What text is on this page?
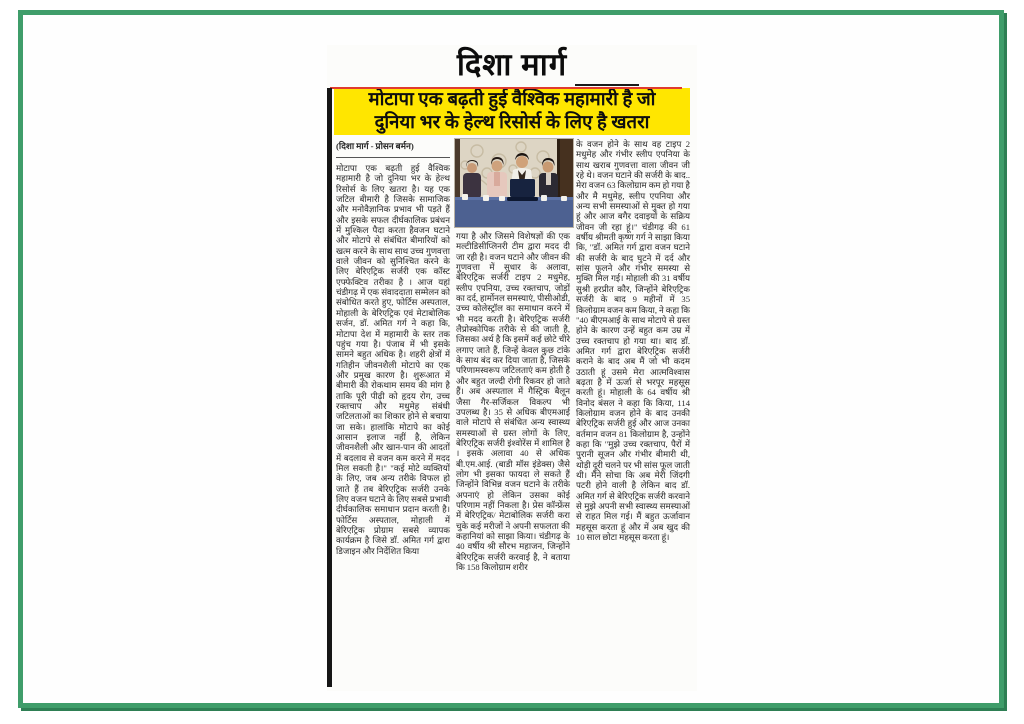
दिशा मार्ग
मोटापा एक बढ़ती हुई वैश्विक महामारी है जो
दुनिया भर के हेल्थ रिसोर्स के लिए है खतरा
(दिशा मार्ग - प्रोसन बर्मन)
मोटापा एक बढ़ती हुई वैश्विक महामारी है जो दुनिया भर के हेल्थ रिसोर्स के लिए खतरा है। यह एक जटिल बीमारी है जिसके सामाजिक और मनोवैज्ञानिक प्रभाव भी पड़ते हैं और इसके सफल दीर्घकालिक प्रबंधन में मुश्किल पैदा करता हैवजन घटाने और मोटापे से संबंधित बीमारियों को खत्म करने के साथ साथ उच्च गुणवत्ता वाले जीवन को सुनिश्चित करने के लिए बेरिएट्रिक सर्जरी एक कॉस्ट एफ्फेक्टिव तरीका है । आज यहां चंडीगढ़ में एक संवाददाता सम्मेलन को संबोधित करते हुए, फोर्टिस अस्पताल, मोहाली के बेरिएट्रिक एवं मेटाबोलिक सर्जन, डॉ. अमित गर्ग ने कहा कि, मोटापा देश में महामारी के स्तर तक पहुंच गया है। पंजाब में भी इसके सामने बहुत अधिक है। शहरी क्षेत्रों में गतिहीन जीवनशैली मोटापे का एक और प्रमुख कारण है। शुरूआत में बीमारी की रोकथाम समय की मांग है ताकि पूरी पीढ़ी को हृदय रोग, उच्च रक्तचाप और मधुमेह संबंधी जटिलताओं का शिकार होने से बचाया जा सके। हालांकि मोटापे का कोई आसान इलाज नहीं है, लेकिन जीवनशैली और खान-पान की आदतों में बदलाव से वजन कम करने में मदद मिल सकती है।" "कई मोटे व्यक्तियों के लिए, जब अन्य तरीके विफल हो जाते हैं तब बेरिएट्रिक सर्जरी उनके लिए वजन घटाने के लिए सबसे प्रभावी दीर्घकालिक समाधान प्रदान करती है। फोर्टिस अस्पताल, मोहाली में बेरिएट्रिक प्रोग्राम सबसे व्यापक कार्यक्रम है जिसे डॉ. अमित गर्ग द्वारा डिजाइन और निर्देशित किया
गया है और जिसमे विशेषज्ञों की एक मल्टीडिसीप्लिनरी टीम द्वारा मदद दी जा रही है। वजन घटाने और जीवन की गुणवत्ता में सुधार के अलावा, बेरिएट्रिक सर्जरी टाइप 2 मधुमेह, स्लीप एपनिया, उच्च रक्तचाप, जोड़ों का दर्द, हार्मोनल समस्याएं, पीसीओडी, उच्च कोलेस्ट्रॉल का समाधान करने में भी मदद करती है। बेरिएट्रिक सर्जरी लैप्रोस्कोपिक तरीके से की जाती है, जिसका अर्थ है कि इसमें कई छोटे चीरे लगाए जाते हैं, जिन्हें केवल कुछ टांके के साथ बंद कर दिया जाता है, जिसके परिणामस्वरूप जटिलताएं कम होती है और बहुत जल्दी रोगी रिकवर हो जाते हैं। अब अस्पताल में गैस्ट्रिक बैलून जैसा गैर-सर्जिकल विकल्प भी उपलब्ध है। 35 से अधिक बीएमआई वाले मोटापे से संबंधित अन्य स्वास्थ्य समस्याओं से ग्रस्त लोगों के लिए, बेरिएट्रिक सर्जरी इंश्वोरेंस में शामिल है । इसके अलावा 40 से अधिक बी.एम.आई. (बाडी मॉस इंडेक्स) जैसे लोग भी इसका फायदा ले सकते हैं जिन्होंने विभिन्न वजन घटाने के तरीके अपनाएं हो लेकिन उसका कोई परिणाम नहीं निकला है। प्रेस कॉन्फ्रेंस में बेरिएट्रिक/ मेटाबोलिक सर्जरी करा चुके कई मरीजों ने अपनी सफलता की कहानियां को साझा किया। चंडीगढ़ के 40 वर्षीय श्री सौरभ महाजन, जिन्होंने बेरिएट्रिक सर्जरी करवाई है, ने बताया कि 158 किलोग्राम शरीर
के वजन होने के साथ वह टाइप 2 मधुमेह और गंभीर स्लीप एपनिया के साथ खराब गुणवत्ता वाला जीवन जी रहे थे। वजन घटाने की सर्जरी के बाद.. मेरा वजन 63 किलोग्राम कम हो गया है और मै मधुमेह, स्लीप एपनिया और अन्य सभी समस्याओं से मुक्त हो गया हूं और आज बगैर दवाइयों के सक्रिय जीवन जी रहा हूं।" चंडीगढ़ की 61 वर्षीय श्रीमती कृष्ण गर्ग ने साझा किया कि, "डॉ. अमित गर्ग द्वारा वजन घटाने की सर्जरी के बाद घुटने में दर्द और सांस फूलने और गंभीर समस्या से मुक्ति मिल गई। मोहाली की 31 वर्षीय सुश्री हरप्रीत कौर, जिन्होंने बेरिएट्रिक सर्जरी के बाद 9 महीनों में 35 किलोग्राम वजन कम किया, ने कहा कि "40 बीएमआई के साथ मोटापे से ग्रस्त होने के कारण उन्हें बहुत कम उम्र में उच्च रक्तचाप हो गया था। बाद डॉ. अमित गर्ग द्वारा बेरिएट्रिक सर्जरी कराने के बाद अब मैं जो भी कदम उठाती हूं उसमे मेरा आत्मविश्वास बढ़ता है में ऊर्जा से भरपूर महसूस करती हूं। मोहाली के 64 वर्षीय श्री विनोद बंसल ने कहा कि किया, 114 किलोग्राम वजन होने के बाद उनकी बेरिएट्रिक सर्जरी हुई और आज उनका वर्तमान वजन 81 किलोग्राम है, उन्होंने कहा कि "मुझे उच्च रक्तचाप, पैरों में पुरानी सूजन और गंभीर बीमारी थी, थोड़ी दूरी चलने पर भी सांस फूल जाती थी। मैंने सोचा कि अब मेरी जिंदगी पटरी होने वाली है लेकिन बाद डॉ. अमित गर्ग से बेरिएट्रिक सर्जरी करवाने से मुझे अपनी सभी स्वास्थ्य समस्याओं से राहत मिल गई। मैं बहुत ऊर्जावान महसूस करता हूं और में अब खुद की 10 साल छोटा महसूस करता हूं।
